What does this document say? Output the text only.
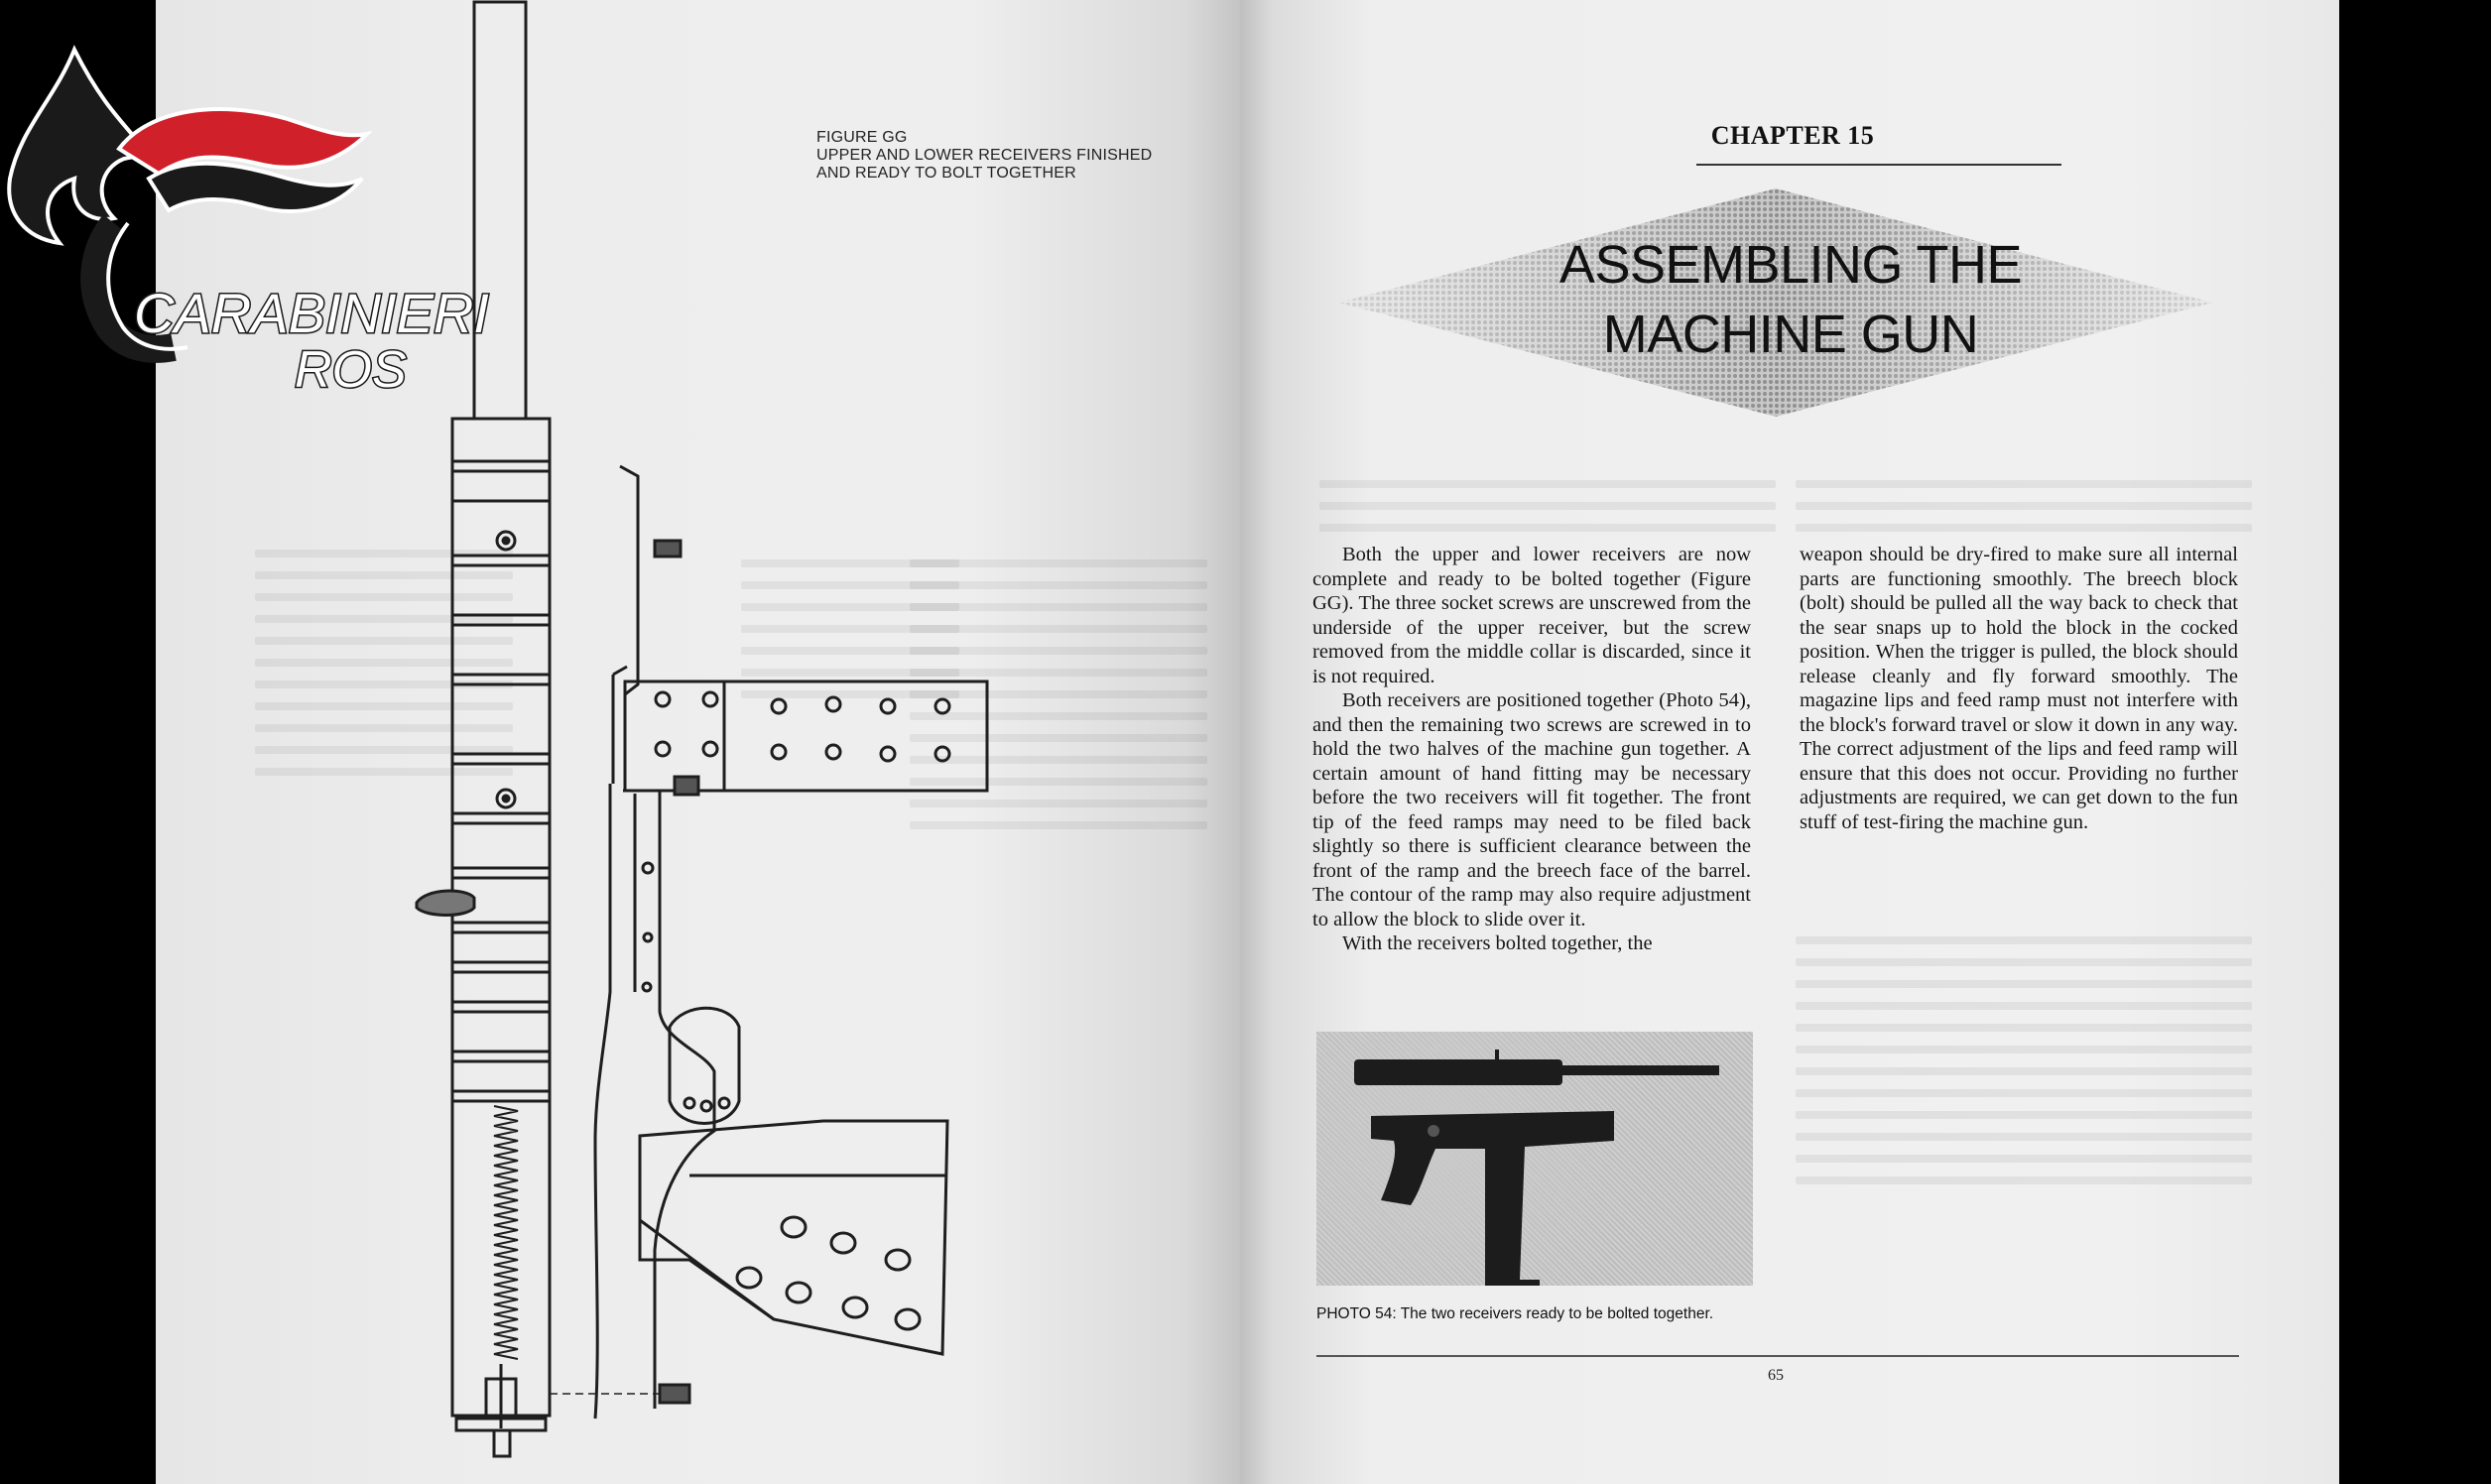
CARABINIERI
ROS
FIGURE GG
UPPER AND LOWER RECEIVERS FINISHED
AND READY TO BOLT TOGETHER
CHAPTER 15
ASSEMBLING THE
MACHINE GUN

Both the upper and lower receivers are now complete and ready to be bolted together (Figure GG). The three socket screws are unscrewed from the underside of the upper receiver, but the screw removed from the middle collar is discarded, since it is not required.

Both receivers are positioned together (Photo 54), and then the remaining two screws are screwed in to hold the two halves of the machine gun together. A certain amount of hand fitting may be necessary before the two receivers will fit together. The front tip of the feed ramps may need to be filed back slightly so there is sufficient clearance between the front of the ramp and the breech face of the barrel. The contour of the ramp may also require adjustment to allow the block to slide over it.

With the receivers bolted together, the

weapon should be dry-fired to make sure all internal parts are functioning smoothly. The breech block (bolt) should be pulled all the way back to check that the sear snaps up to hold the block in the cocked position. When the trigger is pulled, the block should release cleanly and fly forward smoothly. The magazine lips and feed ramp must not interfere with the block's forward travel or slow it down in any way. The correct adjustment of the lips and feed ramp will ensure that this does not occur. Providing no further adjustments are required, we can get down to the fun stuff of test-firing the machine gun.

PHOTO 54: The two receivers ready to be bolted together.
65
